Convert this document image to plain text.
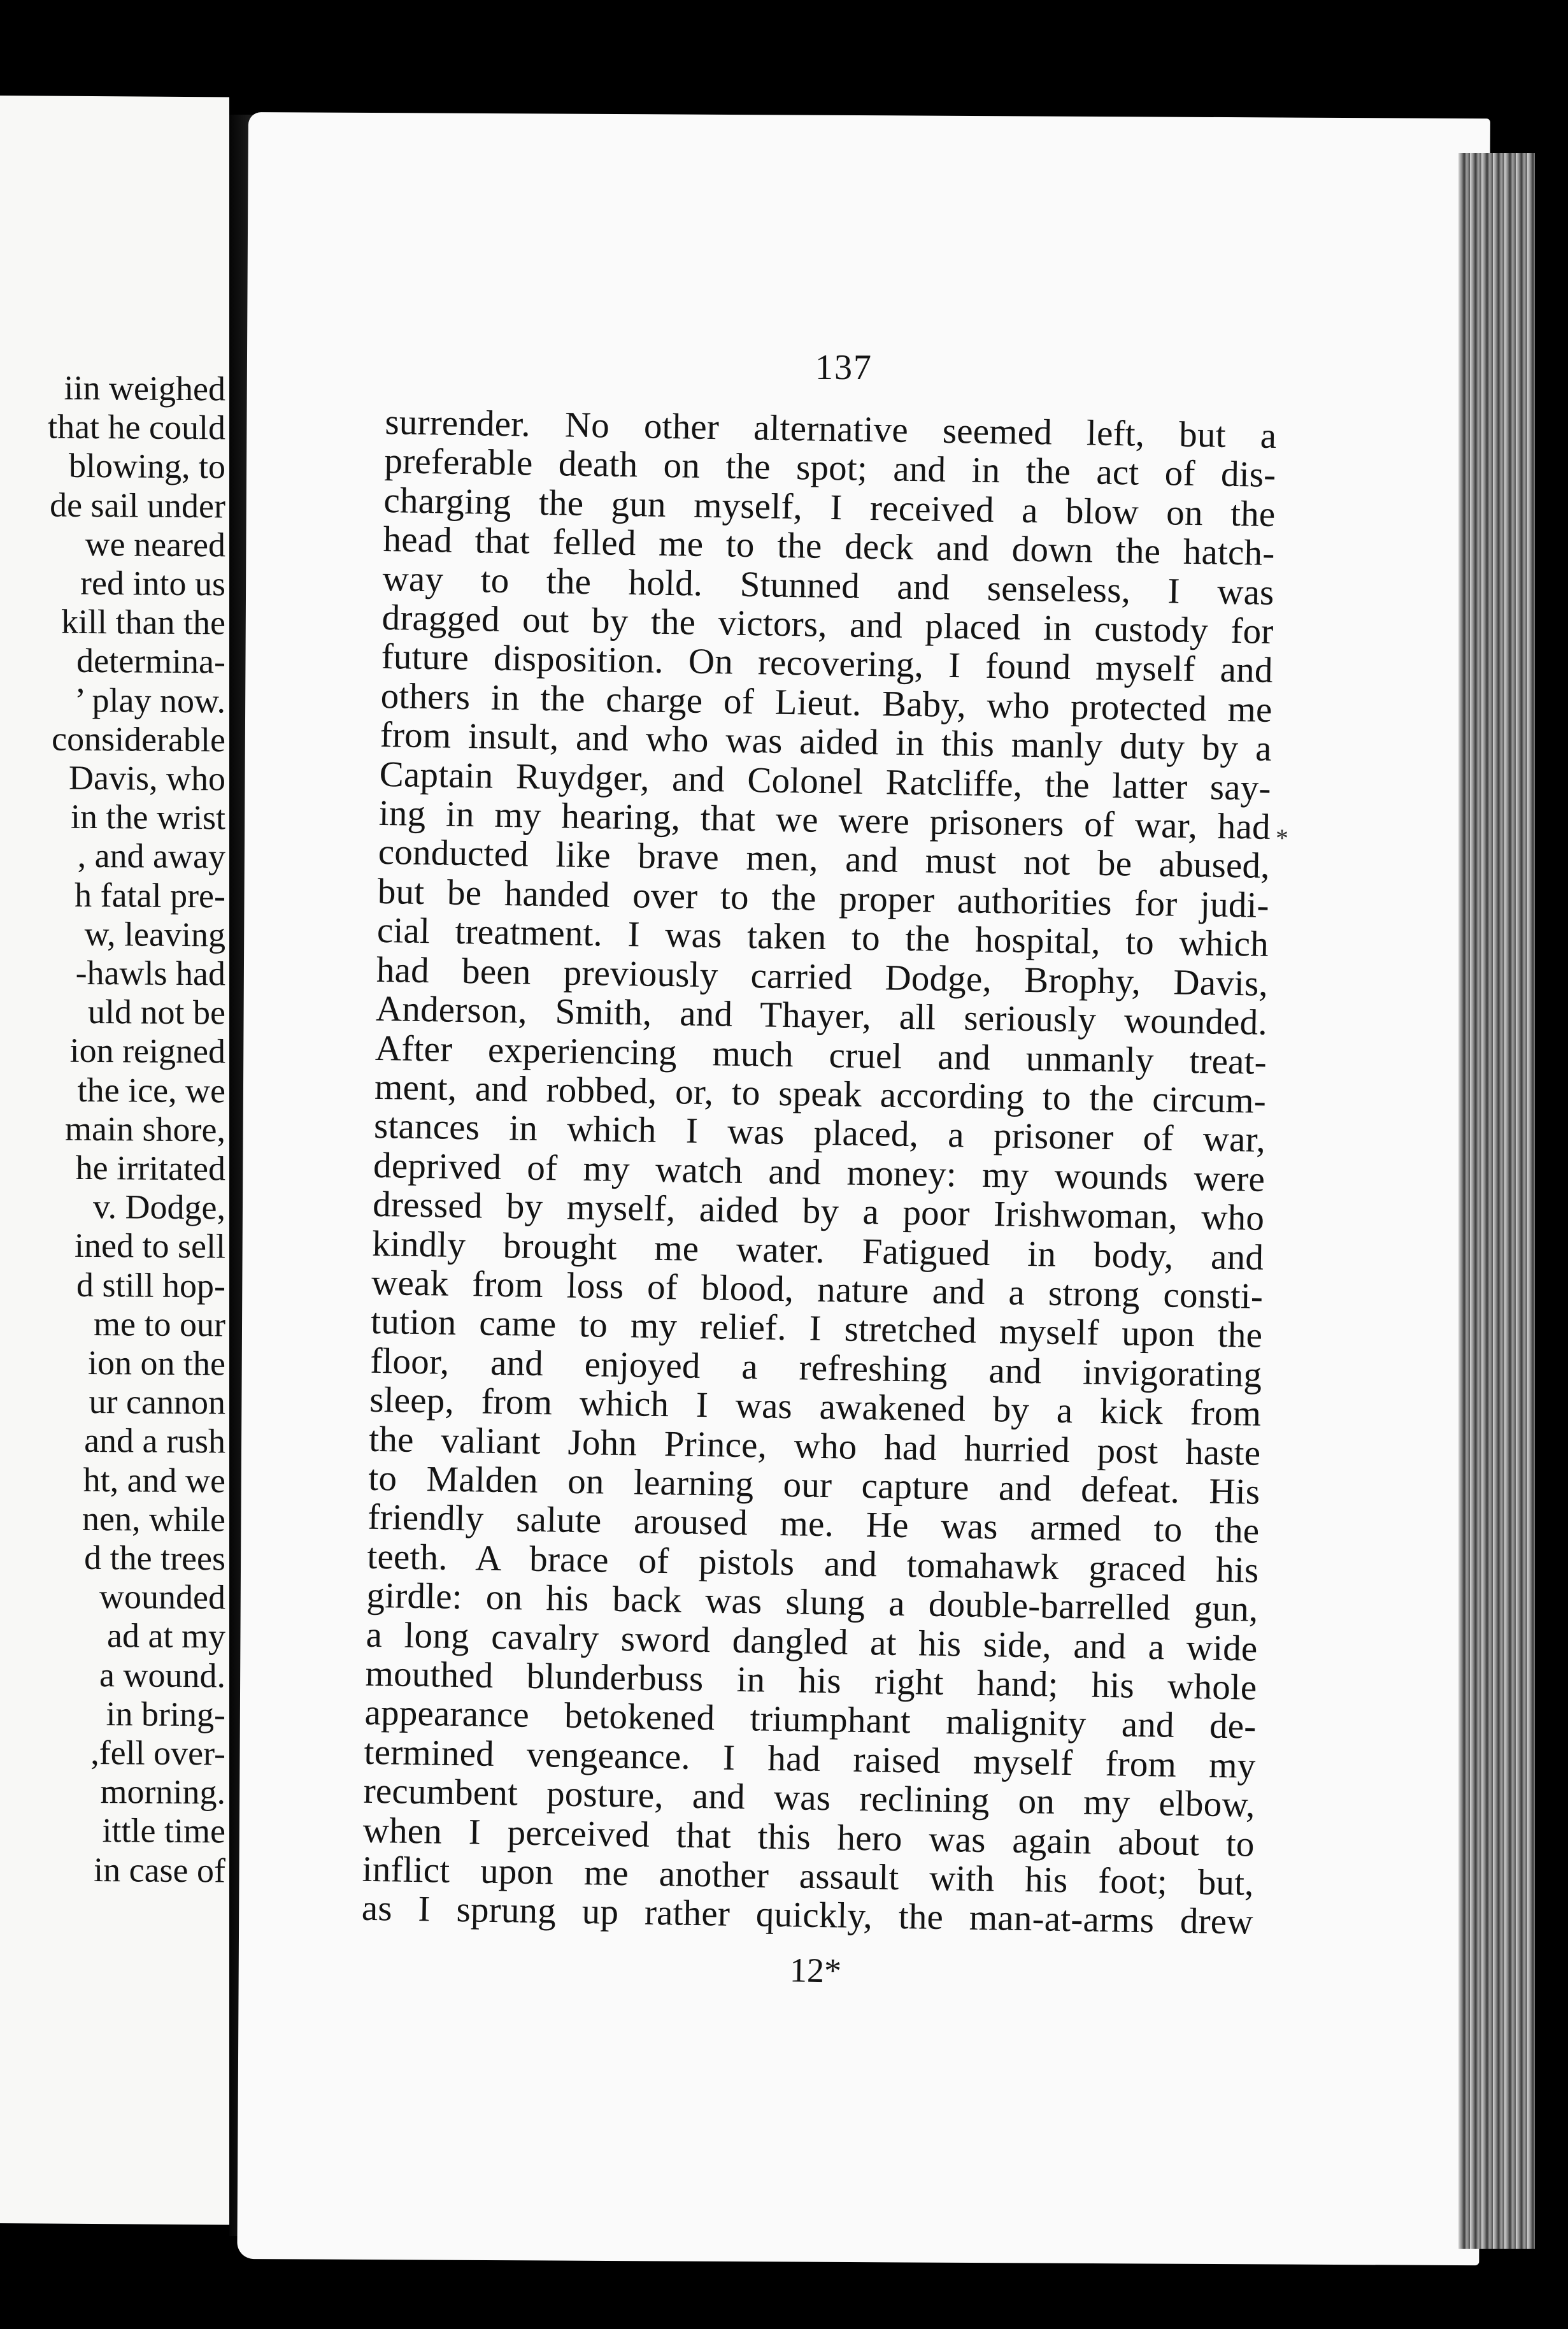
iin weighed
that he could
blowing, to
de sail under
we neared
red into us
kill than the
determina-
’ play now.
considerable
Davis, who
in the wrist
, and away
h fatal pre-
w, leaving
-hawls had
uld not be
ion reigned
the ice, we
main shore,
he irritated
v. Dodge,
ined to sell
d still hop-
me to our
ion on the
ur cannon
and a rush
ht, and we
nen, while
d the trees
wounded
ad at my
a wound.
in bring-
,fell over-
morning.
ittle time
in case of
137
surrender. No other alternative seemed left, but a
preferable death on the spot; and in the act of dis-
charging the gun myself, I received a blow on the
head that felled me to the deck and down the hatch-
way to the hold. Stunned and senseless, I was
dragged out by the victors, and placed in custody for
future disposition. On recovering, I found myself and
others in the charge of Lieut. Baby, who protected me
from insult, and who was aided in this manly duty by a
Captain Ruydger, and Colonel Ratcliffe, the latter say-
ing in my hearing, that we were prisoners of war, had
conducted like brave men, and must not be abused,
but be handed over to the proper authorities for judi-
cial treatment. I was taken to the hospital, to which
had been previously carried Dodge, Brophy, Davis,
Anderson, Smith, and Thayer, all seriously wounded.
After experiencing much cruel and unmanly treat-
ment, and robbed, or, to speak according to the circum-
stances in which I was placed, a prisoner of war,
deprived of my watch and money: my wounds were
dressed by myself, aided by a poor Irishwoman, who
kindly brought me water. Fatigued in body, and
weak from loss of blood, nature and a strong consti-
tution came to my relief. I stretched myself upon the
floor, and enjoyed a refreshing and invigorating
sleep, from which I was awakened by a kick from
the valiant John Prince, who had hurried post haste
to Malden on learning our capture and defeat. His
friendly salute aroused me. He was armed to the
teeth. A brace of pistols and tomahawk graced his
girdle: on his back was slung a double-barrelled gun,
a long cavalry sword dangled at his side, and a wide
mouthed blunderbuss in his right hand; his whole
appearance betokened triumphant malignity and de-
termined vengeance. I had raised myself from my
recumbent posture, and was reclining on my elbow,
when I perceived that this hero was again about to
inflict upon me another assault with his foot; but,
as I sprung up rather quickly, the man-at-arms drew
12*
*
